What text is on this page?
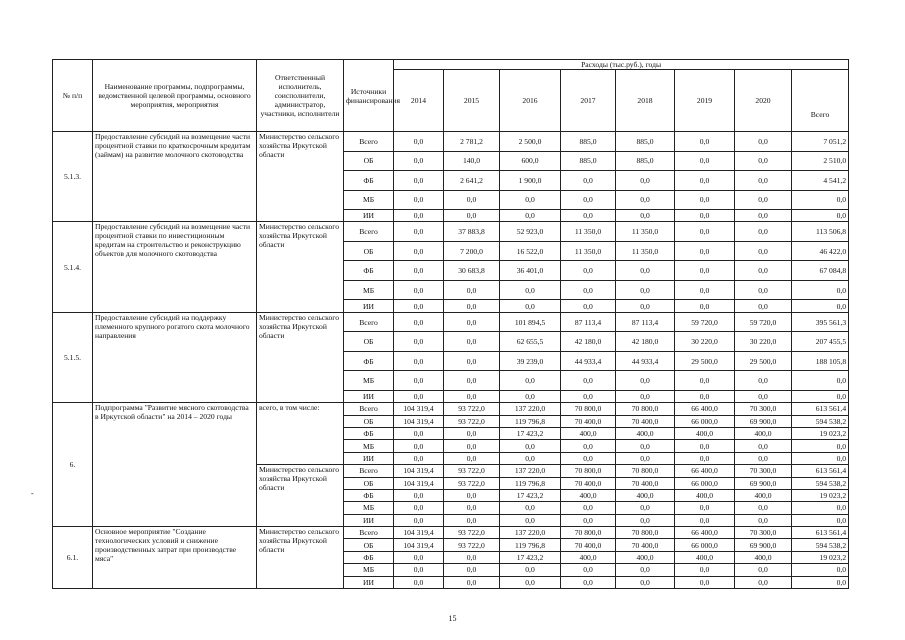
-
№ п/п	Наименование программы, подпрограммы, ведомственной целевой программы, основного мероприятия, мероприятия	Ответственный исполнитель, соисполнители, администратор, участники, исполнители	Источники финансирования	Расходы (тыс.руб.), годы							
				2014	2015	2016	2017	2018	2019	2020	Всего
5.1.3.	Предоставление субсидий на возмещение части процентной ставки по краткосрочным кредитам (займам) на развитие молочного скотоводства	Министерство сельского хозяйства Иркутской области	Всего	0,0	2 781,2	2 500,0	885,0	885,0	0,0	0,0	7 051,2
			ОБ	0,0	140,0	600,0	885,0	885,0	0,0	0,0	2 510,0
			ФБ	0,0	2 641,2	1 900,0	0,0	0,0	0,0	0,0	4 541,2
			МБ	0,0	0,0	0,0	0,0	0,0	0,0	0,0	0,0
			ИИ	0,0	0,0	0,0	0,0	0,0	0,0	0,0	0,0
5.1.4.	Предоставление субсидий на возмещение части процентной ставки по инвестиционным кредитам на строительство и реконструкцию объектов для молочного скотоводства	Министерство сельского хозяйства Иркутской области	Всего	0,0	37 883,8	52 923,0	11 350,0	11 350,0	0,0	0,0	113 506,8
			ОБ	0,0	7 200,0	16 522,0	11 350,0	11 350,0	0,0	0,0	46 422,0
			ФБ	0,0	30 683,8	36 401,0	0,0	0,0	0,0	0,0	67 084,8
			МБ	0,0	0,0	0,0	0,0	0,0	0,0	0,0	0,0
			ИИ	0,0	0,0	0,0	0,0	0,0	0,0	0,0	0,0
5.1.5.	Предоставление субсидий на поддержку племенного крупного рогатого скота молочного направления	Министерство сельского хозяйства Иркутской области	Всего	0,0	0,0	101 894,5	87 113,4	87 113,4	59 720,0	59 720,0	395 561,3
			ОБ	0,0	0,0	62 655,5	42 180,0	42 180,0	30 220,0	30 220,0	207 455,5
			ФБ	0,0	0,0	39 239,0	44 933,4	44 933,4	29 500,0	29 500,0	188 105,8
			МБ	0,0	0,0	0,0	0,0	0,0	0,0	0,0	0,0
			ИИ	0,0	0,0	0,0	0,0	0,0	0,0	0,0	0,0
6.	Подпрограмма "Развитие мясного скотоводства в Иркутской области" на 2014 – 2020 годы	всего, в том числе:	Всего	104 319,4	93 722,0	137 220,0	70 800,0	70 800,0	66 400,0	70 300,0	613 561,4
			ОБ	104 319,4	93 722,0	119 796,8	70 400,0	70 400,0	66 000,0	69 900,0	594 538,2
			ФБ	0,0	0,0	17 423,2	400,0	400,0	400,0	400,0	19 023,2
			МБ	0,0	0,0	0,0	0,0	0,0	0,0	0,0	0,0
			ИИ	0,0	0,0	0,0	0,0	0,0	0,0	0,0	0,0
		Министерство сельского хозяйства Иркутской области	Всего	104 319,4	93 722,0	137 220,0	70 800,0	70 800,0	66 400,0	70 300,0	613 561,4
			ОБ	104 319,4	93 722,0	119 796,8	70 400,0	70 400,0	66 000,0	69 900,0	594 538,2
			ФБ	0,0	0,0	17 423,2	400,0	400,0	400,0	400,0	19 023,2
			МБ	0,0	0,0	0,0	0,0	0,0	0,0	0,0	0,0
			ИИ	0,0	0,0	0,0	0,0	0,0	0,0	0,0	0,0
6.1.	Основное мероприятие "Создание технологических условий и снижение производственных затрат при производстве мяса"	Министерство сельского хозяйства Иркутской области	Всего	104 319,4	93 722,0	137 220,0	70 800,0	70 800,0	66 400,0	70 300,0	613 561,4
			ОБ	104 319,4	93 722,0	119 796,8	70 400,0	70 400,0	66 000,0	69 900,0	594 538,2
			ФБ	0,0	0,0	17 423,2	400,0	400,0	400,0	400,0	19 023,2
			МБ	0,0	0,0	0,0	0,0	0,0	0,0	0,0	0,0
			ИИ	0,0	0,0	0,0	0,0	0,0	0,0	0,0	0,0
15
